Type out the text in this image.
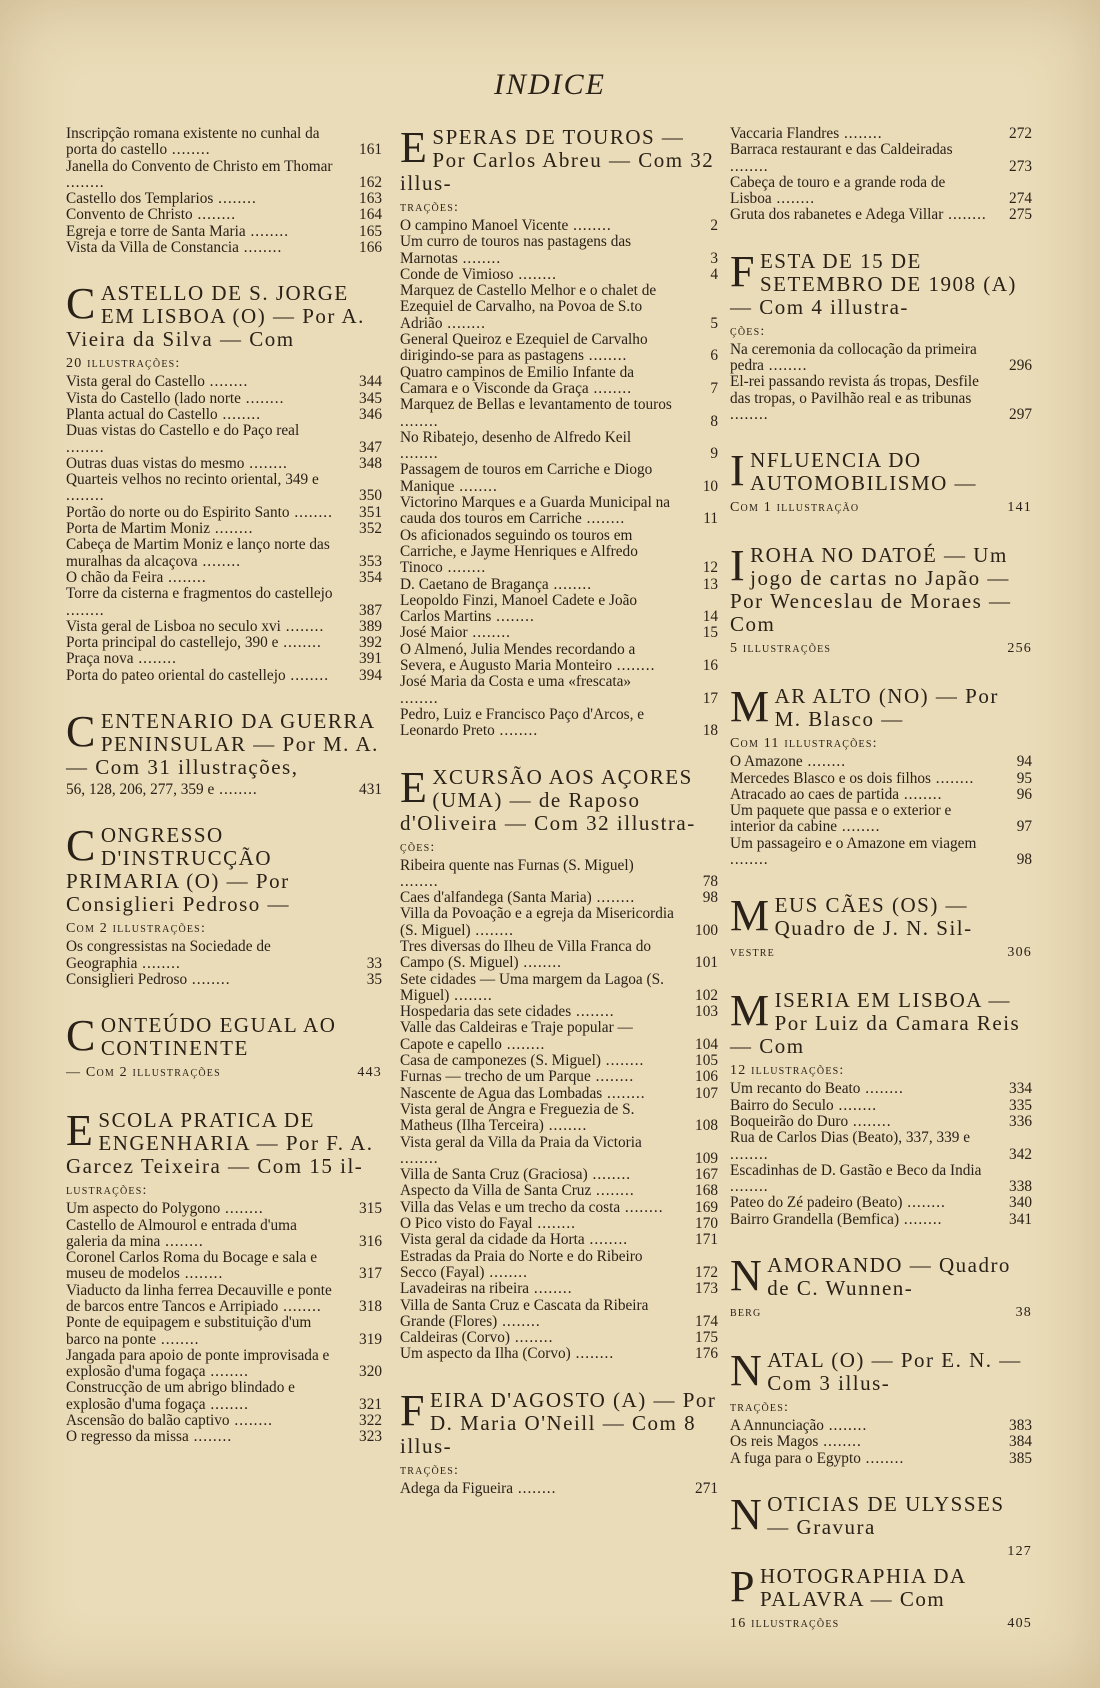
INDICE
Inscripção romana existente no cunhal da porta do castello .....	161
Janella do Convento de Christo em Thomar .....
162
Castello dos Templarios .....	163
Convento de Christo .....	164
Egreja e torre de Santa Maria .....	165
Vista da Villa de Constancia .....	166
CASTELLO DE S. JORGE EM LISBOA (O) — Por A. Vieira da Silva — Com
20 illustrações:
Vista geral do Castello .....	344
Vista do Castello (lado norte .....	345
Planta actual do Castello .....	346
Duas vistas do Castello e do Paço real .....
347
Outras duas vistas do mesmo .....	348
Quarteis velhos no recinto oriental, 349 e .....
350
Portão do norte ou do Espirito Santo .....	351
Porta de Martim Moniz .....	352
Cabeça de Martim Moniz e lanço norte das muralhas da alcaçova .....	353
O chão da Feira .....	354
Torre da cisterna e fragmentos do castellejo .....
387
Vista geral de Lisboa no seculo xvi .....	389
Porta principal do castellejo, 390 e .....	392
Praça nova .....	391
Porta do pateo oriental do castellejo .....	394
CENTENARIO DA GUERRA PENINSULAR — Por M. A. — Com 31 illustrações,
56, 128, 206, 277, 359 e .....	431
CONGRESSO D'INSTRUCÇÃO PRIMARIA (O) — Por Consiglieri Pedroso —
Com 2 illustrações:
Os congressistas na Sociedade de Geographia .....	33
Consiglieri Pedroso .....	35
CONTEÚDO EGUAL AO CONTINENTE
— Com 2 illustrações	443
ESCOLA PRATICA DE ENGENHARIA — Por F. A. Garcez Teixeira — Com 15 il-
lustrações:
Um aspecto do Polygono .....	315
Castello de Almourol e entrada d'uma galeria da mina .....	316
Coronel Carlos Roma du Bocage e sala e museu de modelos .....	317
Viaducto da linha ferrea Decauville e ponte de barcos entre Tancos e Arripiado .....	318
Ponte de equipagem e substituição d'um barco na ponte .....	319
Jangada para apoio de ponte improvisada e explosão d'uma fogaça .....	320
Construcção de um abrigo blindado e explosão d'uma fogaça .....	321
Ascensão do balão captivo .....	322
O regresso da missa .....	323
ESPERAS DE TOUROS — Por Carlos Abreu — Com 32 illus-
trações:
O campino Manoel Vicente .....	2
Um curro de touros nas pastagens das Marnotas .....	3
Conde de Vimioso .....	4
Marquez de Castello Melhor e o chalet de Ezequiel de Carvalho, na Povoa de S.to Adrião .....	5
General Queiroz e Ezequiel de Carvalho dirigindo-se para as pastagens .....	6
Quatro campinos de Emilio Infante da Camara e o Visconde da Graça .....	7
Marquez de Bellas e levantamento de touros .....
8
No Ribatejo, desenho de Alfredo Keil .....
9
Passagem de touros em Carriche e Diogo Manique .....	10
Victorino Marques e a Guarda Municipal na cauda dos touros em Carriche .....	11
Os aficionados seguindo os touros em Carriche, e Jayme Henriques e Alfredo Tinoco .....	12
D. Caetano de Bragança .....	13
Leopoldo Finzi, Manoel Cadete e João Carlos Martins .....	14
José Maior .....	15
O Almenó, Julia Mendes recordando a Severa, e Augusto Maria Monteiro .....	16
José Maria da Costa e uma «frescata» .....
17
Pedro, Luiz e Francisco Paço d'Arcos, e Leonardo Preto .....	18
EXCURSÃO AOS AÇORES (UMA) — de Raposo d'Oliveira — Com 32 illustra-
ções:
Ribeira quente nas Furnas (S. Miguel) .....
78
Caes d'alfandega (Santa Maria) .....	98
Villa da Povoação e a egreja da Misericordia (S. Miguel) .....	100
Tres diversas do Ilheu de Villa Franca do Campo (S. Miguel) .....	101
Sete cidades — Uma margem da Lagoa (S. Miguel) .....	102
Hospedaria das sete cidades .....	103
Valle das Caldeiras e Traje popular — Capote e capello .....	104
Casa de camponezes (S. Miguel) .....	105
Furnas — trecho de um Parque .....	106
Nascente de Agua das Lombadas .....	107
Vista geral de Angra e Freguezia de S. Matheus (Ilha Terceira) .....	108
Vista geral da Villa da Praia da Victoria .....
109
Villa de Santa Cruz (Graciosa) .....	167
Aspecto da Villa de Santa Cruz .....	168
Villa das Velas e um trecho da costa .....	169
O Pico visto do Fayal .....	170
Vista geral da cidade da Horta .....	171
Estradas da Praia do Norte e do Ribeiro Secco (Fayal) .....	172
Lavadeiras na ribeira .....	173
Villa de Santa Cruz e Cascata da Ribeira Grande (Flores) .....	174
Caldeiras (Corvo) .....	175
Um aspecto da Ilha (Corvo) .....	176
FEIRA D'AGOSTO (A) — Por D. Maria O'Neill — Com 8 illus-
trações:
Adega da Figueira .....	271
Vaccaria Flandres .....	272
Barraca restaurant e das Caldeiradas .....
273
Cabeça de touro e a grande roda de Lisboa .....	274
Gruta dos rabanetes e Adega Villar .....	275
FESTA DE 15 DE SETEMBRO DE 1908 (A) — Com 4 illustra-
ções:
Na ceremonia da collocação da primeira pedra .....	296
El-rei passando revista ás tropas, Desfile das tropas, o Pavilhão real e as tribunas .....
297
INFLUENCIA DO AUTOMOBILISMO —
Com 1 illustração	141
IROHA NO DATOÉ — Um jogo de cartas no Japão — Por Wenceslau de Moraes — Com
5 illustrações	256
MAR ALTO (NO) — Por M. Blasco —
Com 11 illustrações:
O Amazone .....	94
Mercedes Blasco e os dois filhos .....	95
Atracado ao caes de partida .....	96
Um paquete que passa e o exterior e interior da cabine .....	97
Um passageiro e o Amazone em viagem .....
98
MEUS CÃES (OS) — Quadro de J. N. Sil-
vestre	306
MISERIA EM LISBOA — Por Luiz da Camara Reis — Com
12 illustrações:
Um recanto do Beato .....	334
Bairro do Seculo .....	335
Boqueirão do Duro .....	336
Rua de Carlos Dias (Beato), 337, 339 e .....
342
Escadinhas de D. Gastão e Beco da India .....
338
Pateo do Zé padeiro (Beato) .....	340
Bairro Grandella (Bemfica) .....	341
NAMORANDO — Quadro de C. Wunnen-
berg	38
NATAL (O) — Por E. N. — Com 3 illus-
trações:
A Annunciação .....	383
Os reis Magos .....	384
A fuga para o Egypto .....	385
NOTICIAS DE ULYSSES — Gravura
127
PHOTOGRAPHIA DA PALAVRA — Com
16 illustrações	405
